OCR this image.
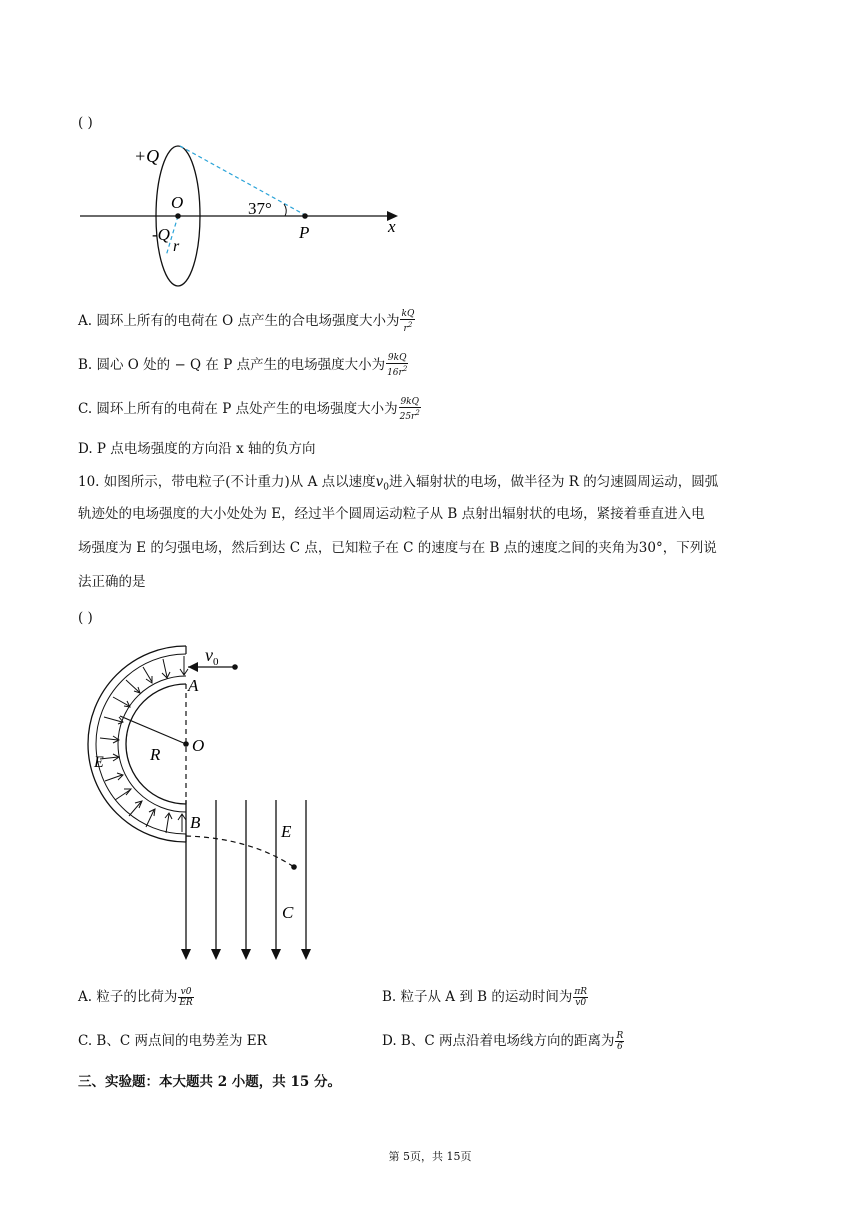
( )
+Q
O
-Q
r
37°
P	x
A. 圆环上所有的电荷在 O 点产生的合电场强度大小为 $\frac{kQ}{r^2}$
B. 圆心 O 处的 − Q 在 P 点产生的电场强度大小为 $\frac{9kQ}{16r^2}$
C. 圆环上所有的电荷在 P 点处产生的电场强度大小为 $\frac{9kQ}{25r^2}$
D. P 点电场强度的方向沿 x 轴的负方向
10. 如图所示，带电粒子(不计重力)从 A 点以速度$v_0$进入辐射状的电场，做半径为 R 的匀速圆周运动，圆弧
轨迹处的电场强度的大小处处为 E，经过半个圆周运动粒子从 B 点射出辐射状的电场，紧接着垂直进入电
场强度为 E 的匀强电场，然后到达 C 点，已知粒子在 C 的速度与在 B 点的速度之间的夹角为30°，下列说
法正确的是
( )
$v_0$
A
O
R
E
B	E
C
A. 粒子的比荷为 $\frac{v0}{ER}$	B. 粒子从 A 到 B 的运动时间为 $\frac{\pi R}{v0}$
C. B、C 两点间的电势差为 ER	D. B、C 两点沿着电场线方向的距离为 $\frac{R}{6}$
三、实验题：本大题共 2 小题，共 15 分。
第 5页，共 15页
